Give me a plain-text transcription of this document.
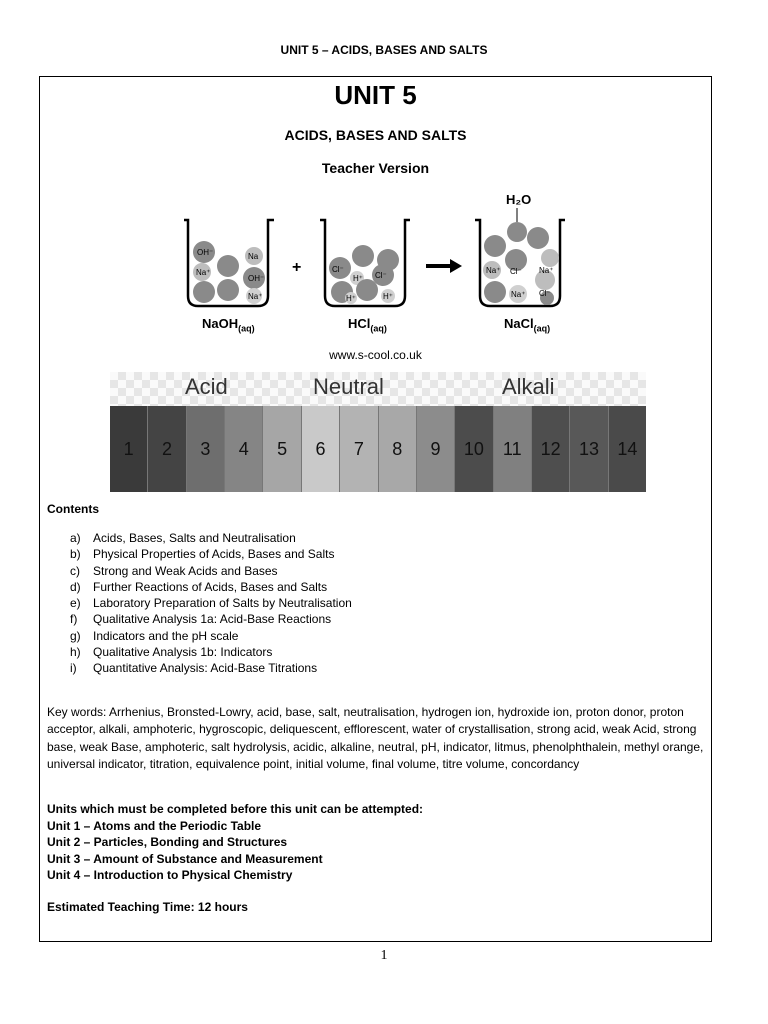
UNIT 5 – ACIDS, BASES AND SALTS
UNIT 5
ACIDS, BASES AND SALTS
Teacher Version
+
OH⁻	Na
Na⁺
OH⁻
Na⁺
Cl⁻
H⁺ Cl⁻
H⁺	H⁺
Na⁺ Cl⁻ Na⁺
Na⁺ Cl⁻
H₂O
NaOH$_{(aq)}$	HCl$_{(aq)}$	NaCl$_{(aq)}$
www.s-cool.co.uk
Acid	Neutral	Alkali
1	2	3	4	5	6	7	8	9	10	11	12	13	14
Contents
a) Acids, Bases, Salts and Neutralisation
b) Physical Properties of Acids, Bases and Salts
c) Strong and Weak Acids and Bases
d) Further Reactions of Acids, Bases and Salts
e) Laboratory Preparation of Salts by Neutralisation
f) Qualitative Analysis 1a: Acid-Base Reactions
g) Indicators and the pH scale
h) Qualitative Analysis 1b: Indicators
i) Quantitative Analysis: Acid-Base Titrations
Key words: Arrhenius, Bronsted-Lowry, acid, base, salt, neutralisation, hydrogen ion, hydroxide ion, proton donor, proton acceptor, alkali, amphoteric, hygroscopic, deliquescent, efflorescent, water of crystallisation, strong acid, weak Acid, strong base, weak Base, amphoteric, salt hydrolysis, acidic, alkaline, neutral, pH, indicator, litmus, phenolphthalein, methyl orange, universal indicator, titration, equivalence point, initial volume, final volume, titre volume, concordancy
Units which must be completed before this unit can be attempted:
Unit 1 – Atoms and the Periodic Table
Unit 2 – Particles, Bonding and Structures
Unit 3 – Amount of Substance and Measurement
Unit 4 – Introduction to Physical Chemistry
Estimated Teaching Time: 12 hours
1
